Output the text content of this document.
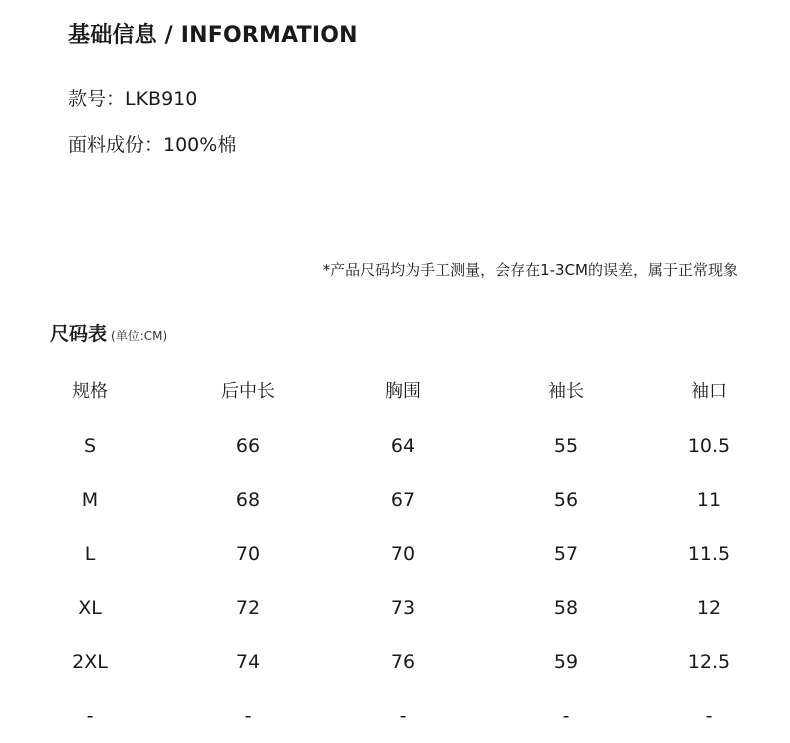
基础信息 / INFORMATION
款号：LKB910
面料成份：100%棉
*产品尺码均为手工测量，会存在1-3CM的误差，属于正常现象
尺码表 (单位:CM)
规格	后中长	胸围	袖长	袖口
S	66	64	55	10.5
M	68	67	56	11
L	70	70	57	11.5
XL	72	73	58	12
2XL	74	76	59	12.5
-	-	-	-	-
